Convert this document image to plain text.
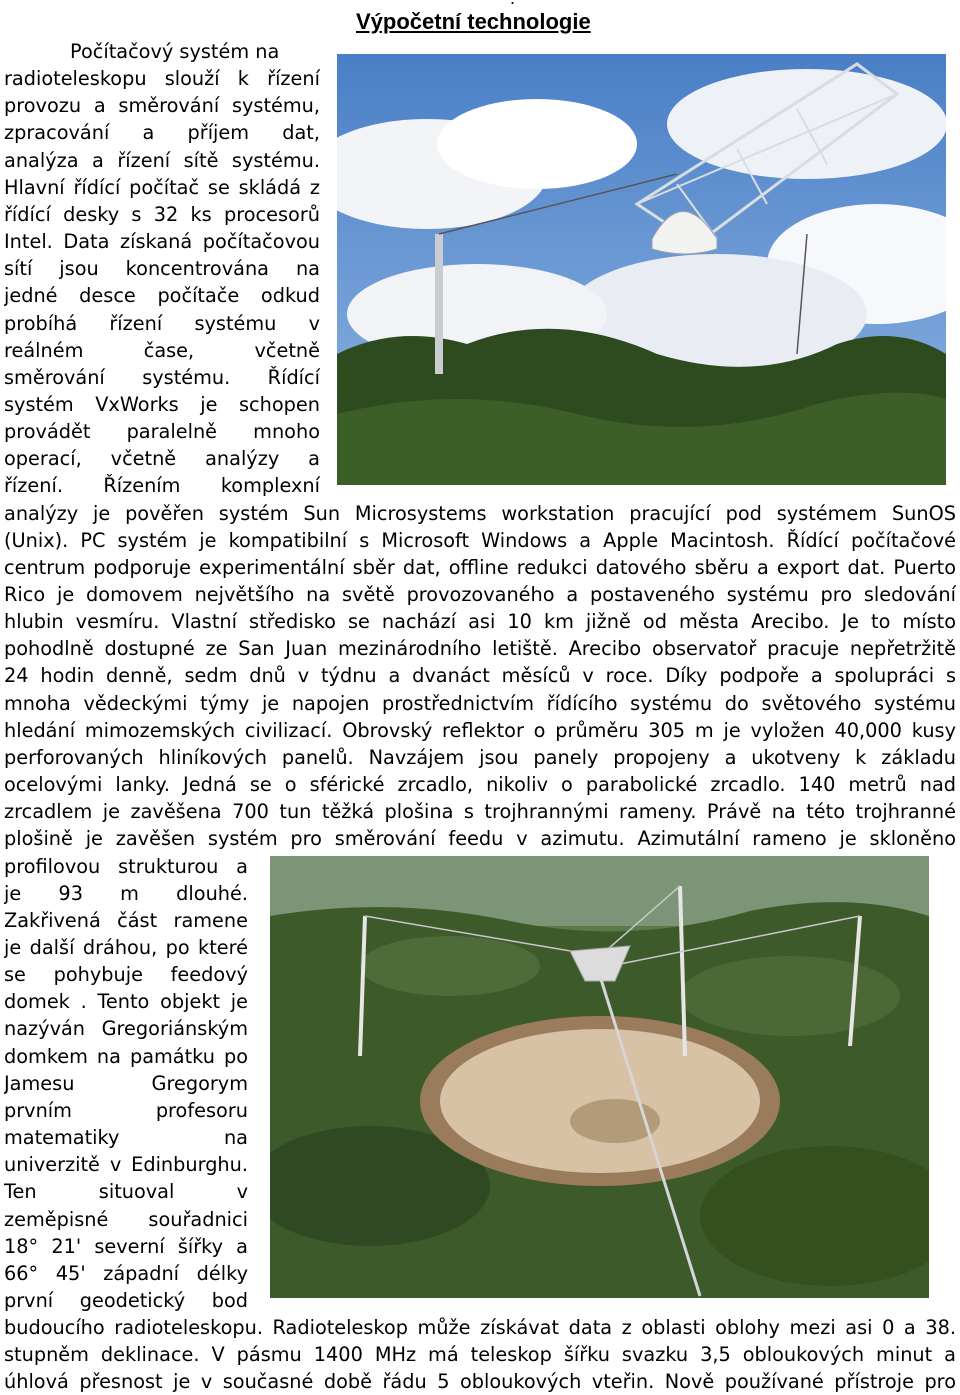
Výpočetní technologie
Počítačový systém na
radioteleskopu slouží k řízení
provozu a směrování systému,
zpracování a příjem dat,
analýza a řízení sítě systému.
Hlavní řídící počítač se skládá z
řídící desky s 32 ks procesorů
Intel. Data získaná počítačovou
sítí jsou koncentrována na
jedné desce počítače odkud
probíhá řízení systému v
reálném čase, včetně
směrování systému. Řídící
systém VxWorks je schopen
provádět paralelně mnoho
operací, včetně analýzy a
řízení. Řízením komplexní
analýzy je pověřen systém Sun Microsystems workstation pracující pod systémem SunOS
(Unix). PC systém je kompatibilní s Microsoft Windows a Apple Macintosh. Řídící počítačové
centrum podporuje experimentální sběr dat, offline redukci datového sběru a export dat. Puerto
Rico je domovem největšího na světě provozovaného a postaveného systému pro sledování
hlubin vesmíru. Vlastní středisko se nachází asi 10 km jižně od města Arecibo. Je to místo
pohodlně dostupné ze San Juan mezinárodního letiště. Arecibo observatoř pracuje nepřetržitě
24 hodin denně, sedm dnů v týdnu a dvanáct měsíců v roce. Díky podpoře a spolupráci s
mnoha vědeckými týmy je napojen prostřednictvím řídícího systému do světového systému
hledání mimozemských civilizací. Obrovský reflektor o průměru 305 m je vyložen 40,000 kusy
perforovaných hliníkových panelů. Navzájem jsou panely propojeny a ukotveny k základu
ocelovými lanky. Jedná se o sférické zrcadlo, nikoliv o parabolické zrcadlo. 140 metrů nad
zrcadlem je zavěšena 700 tun těžká plošina s trojhrannými rameny. Právě na této trojhranné
plošině je zavěšen systém pro směrování feedu v azimutu. Azimutální rameno je skloněno
profilovou strukturou a
je 93 m dlouhé.
Zakřivená část ramene
je další dráhou, po které
se pohybuje feedový
domek . Tento objekt je
nazýván Gregoriánským
domkem na památku po
Jamesu Gregorym
prvním profesoru
matematiky na
univerzitě v Edinburghu.
Ten situoval v
zeměpisné souřadnici
18° 21' severní šířky a
66° 45' západní délky
první geodetický bod
budoucího radioteleskopu. Radioteleskop může získávat data z oblasti oblohy mezi asi 0 a 38.
stupněm deklinace. V pásmu 1400 MHz má teleskop šířku svazku 3,5 obloukových minut a
úhlová přesnost je v současné době řádu 5 obloukových vteřin. Nově používané přístroje pro
